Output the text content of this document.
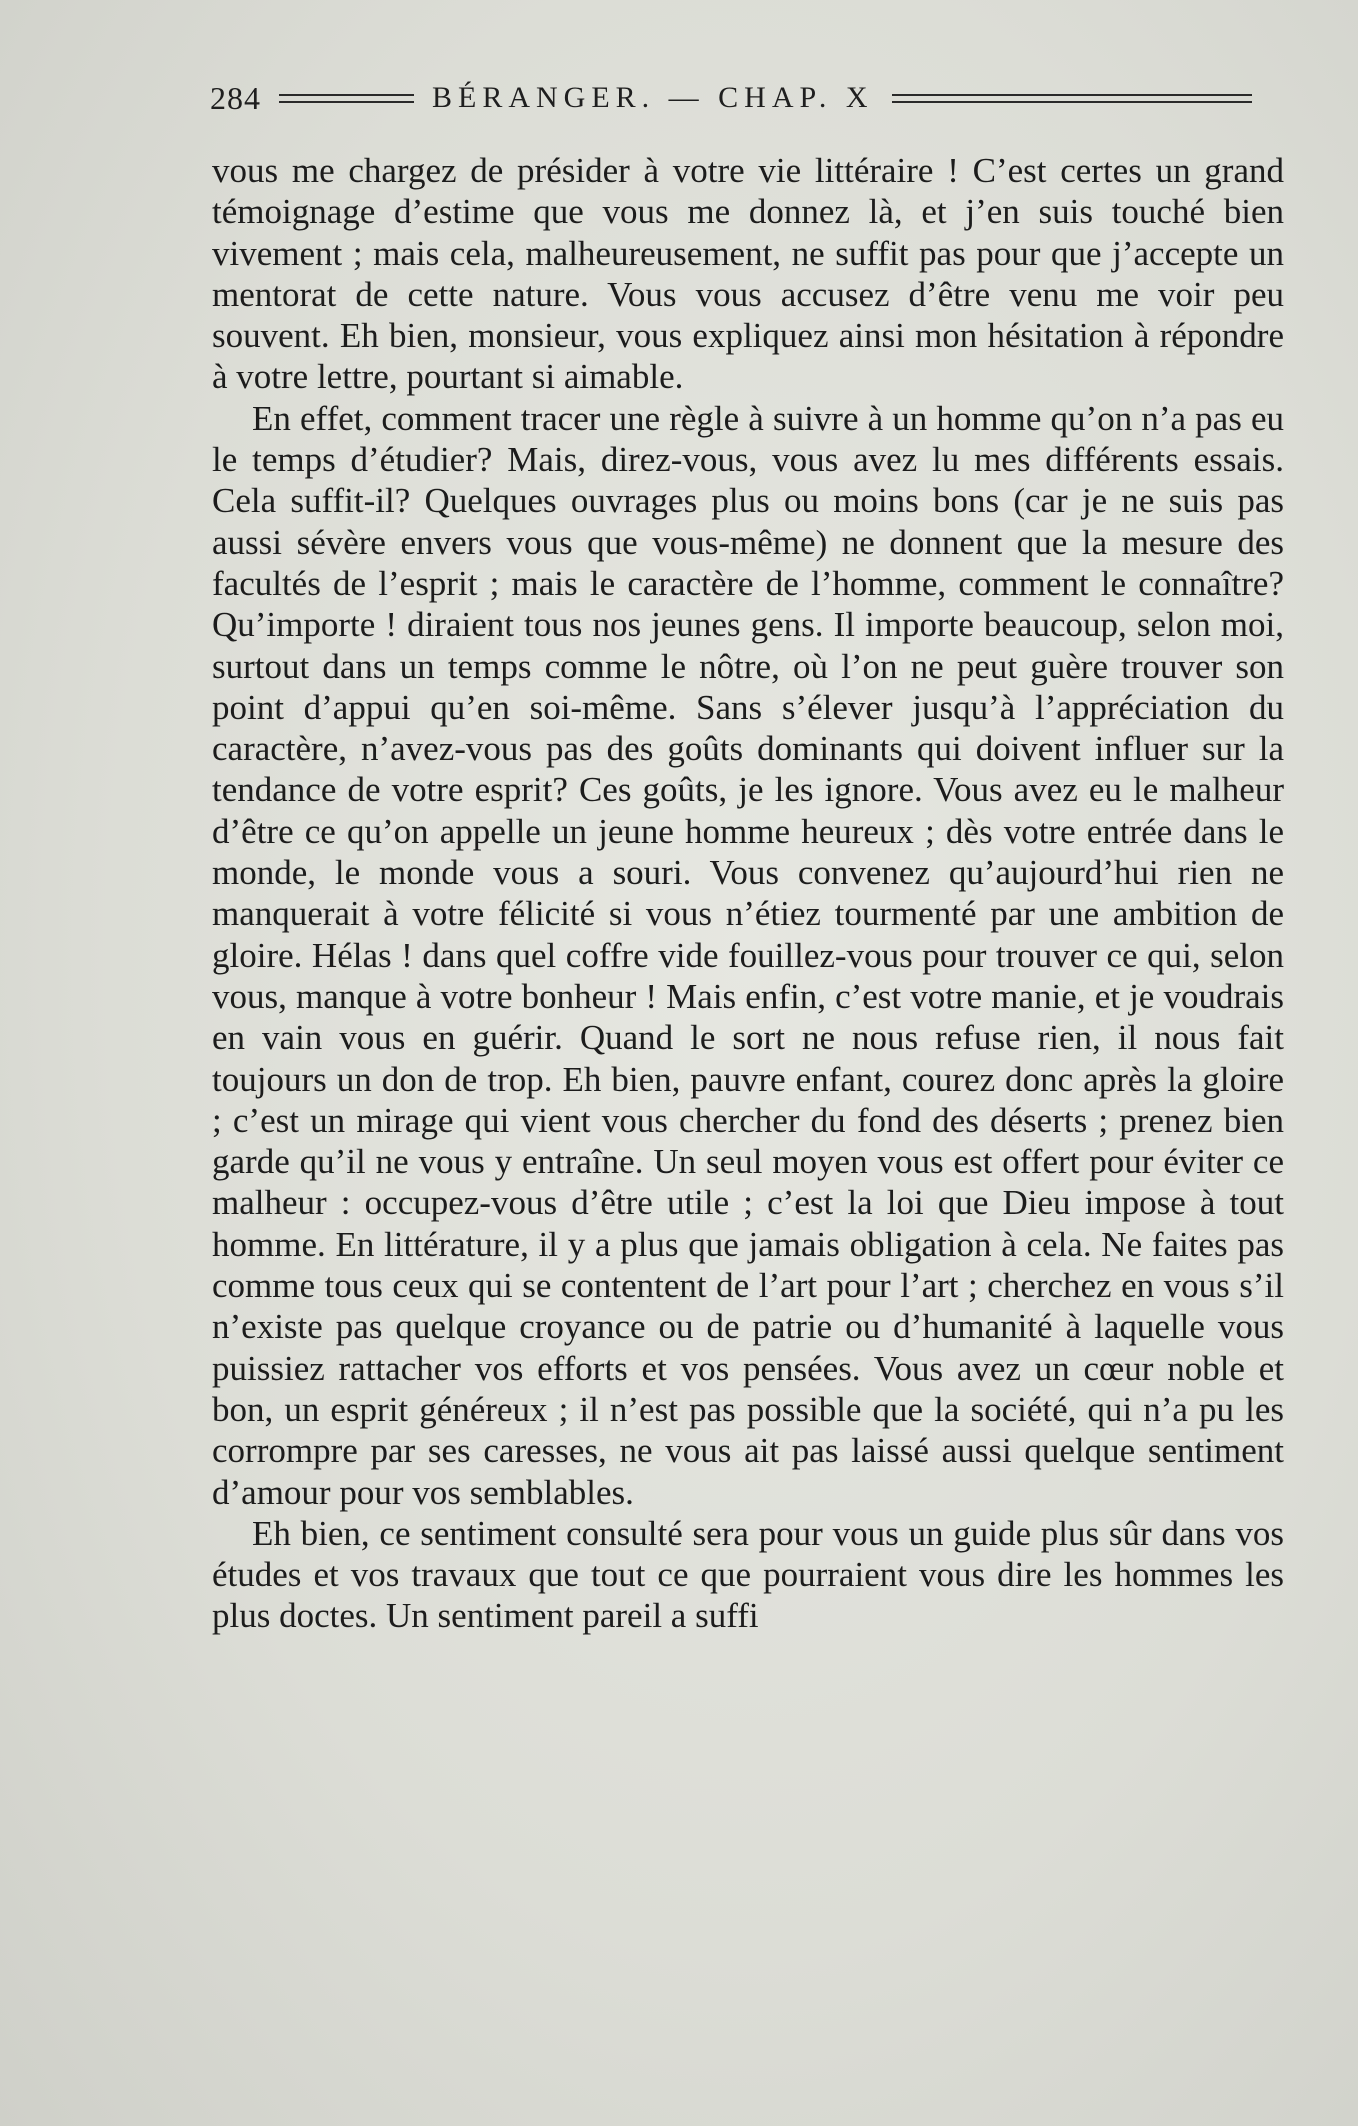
284	BÉRANGER. — CHAP. X

vous me chargez de présider à votre vie littéraire ! C’est certes un grand témoignage d’estime que vous me donnez là, et j’en suis touché bien vivement ; mais cela, malheureusement, ne suffit pas pour que j’accepte un mentorat de cette nature. Vous vous accusez d’être venu me voir peu souvent. Eh bien, monsieur, vous expliquez ainsi mon hésitation à répondre à votre lettre, pourtant si aimable.

En effet, comment tracer une règle à suivre à un homme qu’on n’a pas eu le temps d’étudier? Mais, direz-vous, vous avez lu mes différents essais. Cela suffit-il? Quelques ouvrages plus ou moins bons (car je ne suis pas aussi sévère envers vous que vous-même) ne donnent que la mesure des facultés de l’esprit ; mais le caractère de l’homme, comment le connaître? Qu’importe ! diraient tous nos jeunes gens. Il importe beaucoup, selon moi, surtout dans un temps comme le nôtre, où l’on ne peut guère trouver son point d’appui qu’en soi-même. Sans s’élever jusqu’à l’appréciation du caractère, n’avez-vous pas des goûts dominants qui doivent influer sur la tendance de votre esprit? Ces goûts, je les ignore. Vous avez eu le malheur d’être ce qu’on appelle un jeune homme heureux ; dès votre entrée dans le monde, le monde vous a souri. Vous convenez qu’aujourd’hui rien ne manquerait à votre félicité si vous n’étiez tourmenté par une ambition de gloire. Hélas ! dans quel coffre vide fouillez-vous pour trouver ce qui, selon vous, manque à votre bonheur ! Mais enfin, c’est votre manie, et je voudrais en vain vous en guérir. Quand le sort ne nous refuse rien, il nous fait toujours un don de trop. Eh bien, pauvre enfant, courez donc après la gloire ; c’est un mirage qui vient vous chercher du fond des déserts ; prenez bien garde qu’il ne vous y entraîne. Un seul moyen vous est offert pour éviter ce malheur : occupez-vous d’être utile ; c’est la loi que Dieu impose à tout homme. En littérature, il y a plus que jamais obligation à cela. Ne faites pas comme tous ceux qui se contentent de l’art pour l’art ; cherchez en vous s’il n’existe pas quelque croyance ou de patrie ou d’humanité à laquelle vous puissiez rattacher vos efforts et vos pensées. Vous avez un cœur noble et bon, un esprit généreux ; il n’est pas possible que la société, qui n’a pu les corrompre par ses caresses, ne vous ait pas laissé aussi quelque sentiment d’amour pour vos semblables.

Eh bien, ce sentiment consulté sera pour vous un guide plus sûr dans vos études et vos travaux que tout ce que pourraient vous dire les hommes les plus doctes. Un sentiment pareil a suffi
